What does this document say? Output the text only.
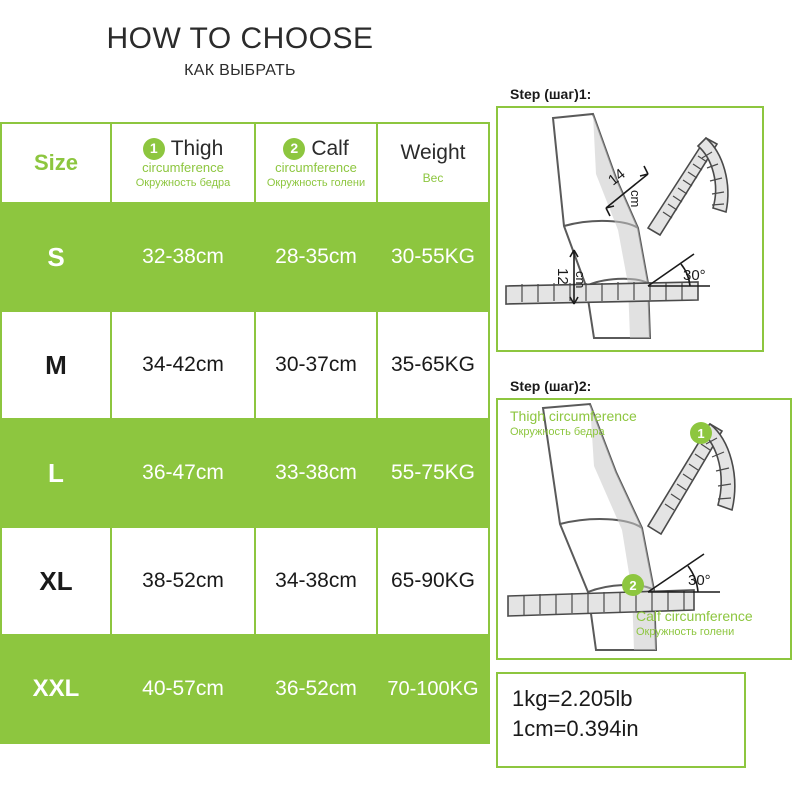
HOW TO CHOOSE
КАК ВЫБРАТЬ
Size

1 Thigh
circumference
Окружность бедра

2 Calf
circumference
Окружность голени

Weight
Вес

S	32-38cm	28-35cm	30-55KG
M	34-42cm	30-37cm	35-65KG
L	36-47cm	33-38cm	55-75KG
XL	38-52cm	34-38cm	65-90KG
XXL	40-57cm	36-52cm	70-100KG
Step (шаг)1:
30°
14
cm
12 cm
Step (шаг)2:
30°
Thigh circumference
Окружность бедра	1
2
Calf circumference
Окружность голени
1kg=2.205lb
1cm=0.394in
